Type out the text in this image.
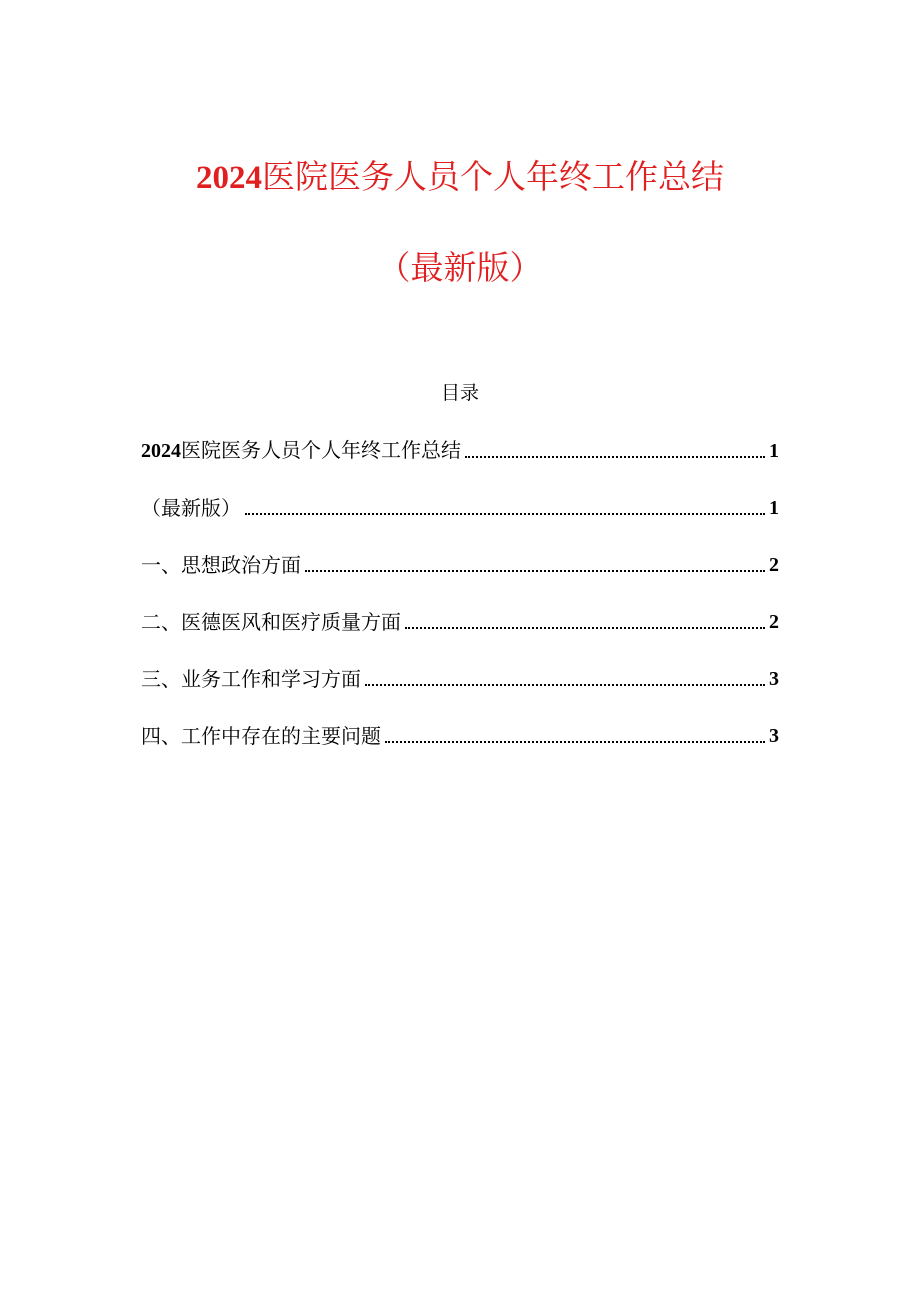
2024医院医务人员个人年终工作总结
（最新版）
目录
2024医院医务人员个人年终工作总结	1
（最新版）	1
一、思想政治方面	2
二、医德医风和医疗质量方面	2
三、业务工作和学习方面	3
四、工作中存在的主要问题	3
